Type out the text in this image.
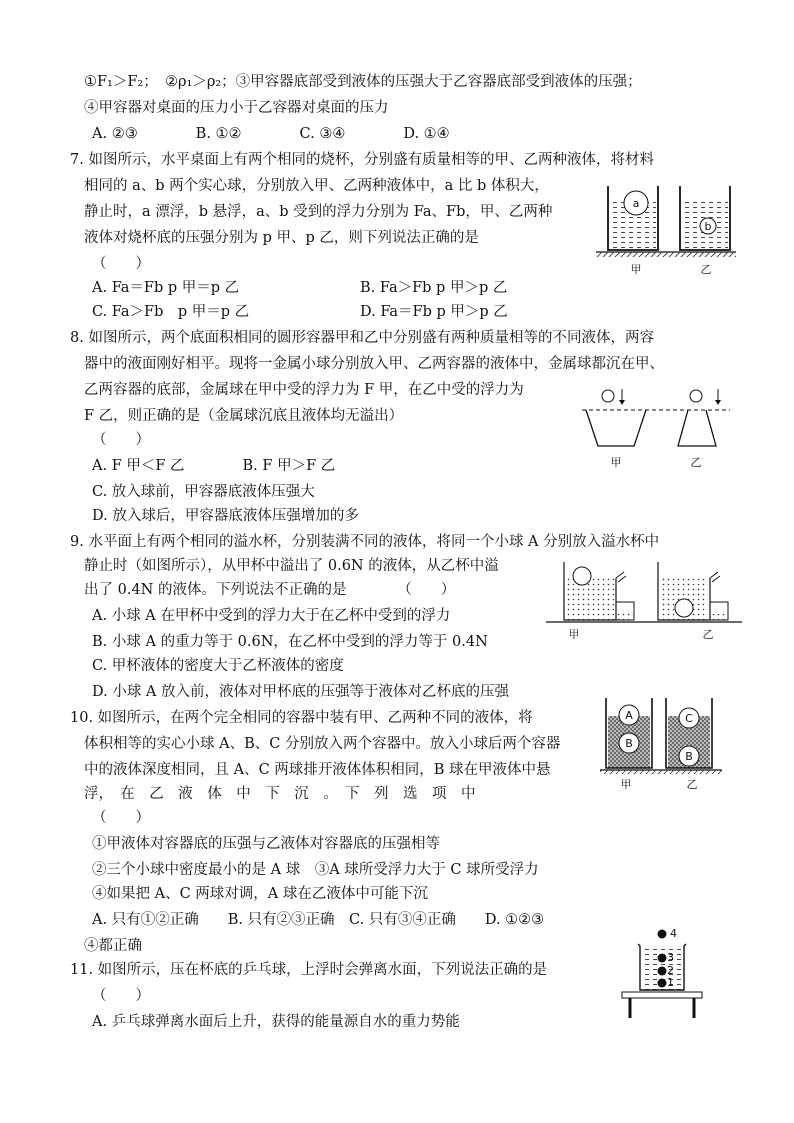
①F₁＞F₂；　②ρ₁＞ρ₂；③甲容器底部受到液体的压强大于乙容器底部受到液体的压强；
④甲容器对桌面的压力小于乙容器对桌面的压力
A. ②③　　　　B. ①②　　　　C. ③④　　　　D. ①④
7. 如图所示，水平桌面上有两个相同的烧杯，分别盛有质量相等的甲、乙两种液体，将材料
相同的 a、b 两个实心球，分别放入甲、乙两种液体中，a 比 b 体积大，
静止时，a 漂浮，b 悬浮，a、b 受到的浮力分别为 Fa、Fb，甲、乙两种
液体对烧杯底的压强分别为 p 甲、p 乙，则下列说法正确的是
（　　）
A. Fa＝Fb p 甲＝p 乙	B. Fa＞Fb p 甲＞p 乙
C. Fa＞Fb　p 甲＝p 乙	D. Fa＝Fb p 甲＞p 乙
8. 如图所示，两个底面积相同的圆形容器甲和乙中分别盛有两种质量相等的不同液体，两容
器中的液面刚好相平。现将一金属小球分别放入甲、乙两容器的液体中，金属球都沉在甲、
乙两容器的底部，金属球在甲中受的浮力为 F 甲，在乙中受的浮力为
F 乙，则正确的是（金属球沉底且液体均无溢出）
（　　）
A. F 甲＜F 乙　　　　B. F 甲＞F 乙
C. 放入球前，甲容器底液体压强大
D. 放入球后，甲容器底液体压强增加的多
9. 水平面上有两个相同的溢水杯，分别装满不同的液体，将同一个小球 A 分别放入溢水杯中
静止时（如图所示），从甲杯中溢出了 0.6N 的液体，从乙杯中溢
出了 0.4N 的液体。下列说法不正确的是　　　　（　　）
A. 小球 A 在甲杯中受到的浮力大于在乙杯中受到的浮力
B. 小球 A 的重力等于 0.6N，在乙杯中受到的浮力等于 0.4N
C. 甲杯液体的密度大于乙杯液体的密度
D. 小球 A 放入前，液体对甲杯底的压强等于液体对乙杯底的压强
10. 如图所示，在两个完全相同的容器中装有甲、乙两种不同的液体，将
体积相等的实心小球 A、B、C 分别放入两个容器中。放入小球后两个容器
中的液体深度相同，且 A、C 两球排开液体体积相同，B 球在甲液体中悬
浮，　在　乙　液　体　中　下　沉　。　下　列　选　项　中
（　　）
①甲液体对容器底的压强与乙液体对容器底的压强相等
②三个小球中密度最小的是 A 球　③A 球所受浮力大于 C 球所受浮力
④如果把 A、C 两球对调，A 球在乙液体中可能下沉
A. 只有①②正确　　B. 只有②③正确　C. 只有③④正确　　D. ①②③
④都正确
11. 如图所示，压在杯底的乒乓球，上浮时会弹离水面，下列说法正确的是
（　　）
A. 乒乓球弹离水面后上升，获得的能量源自水的重力势能
a
b
甲	乙
甲	乙
甲	乙
A
B
C
B
甲	乙
4
3
2
1
